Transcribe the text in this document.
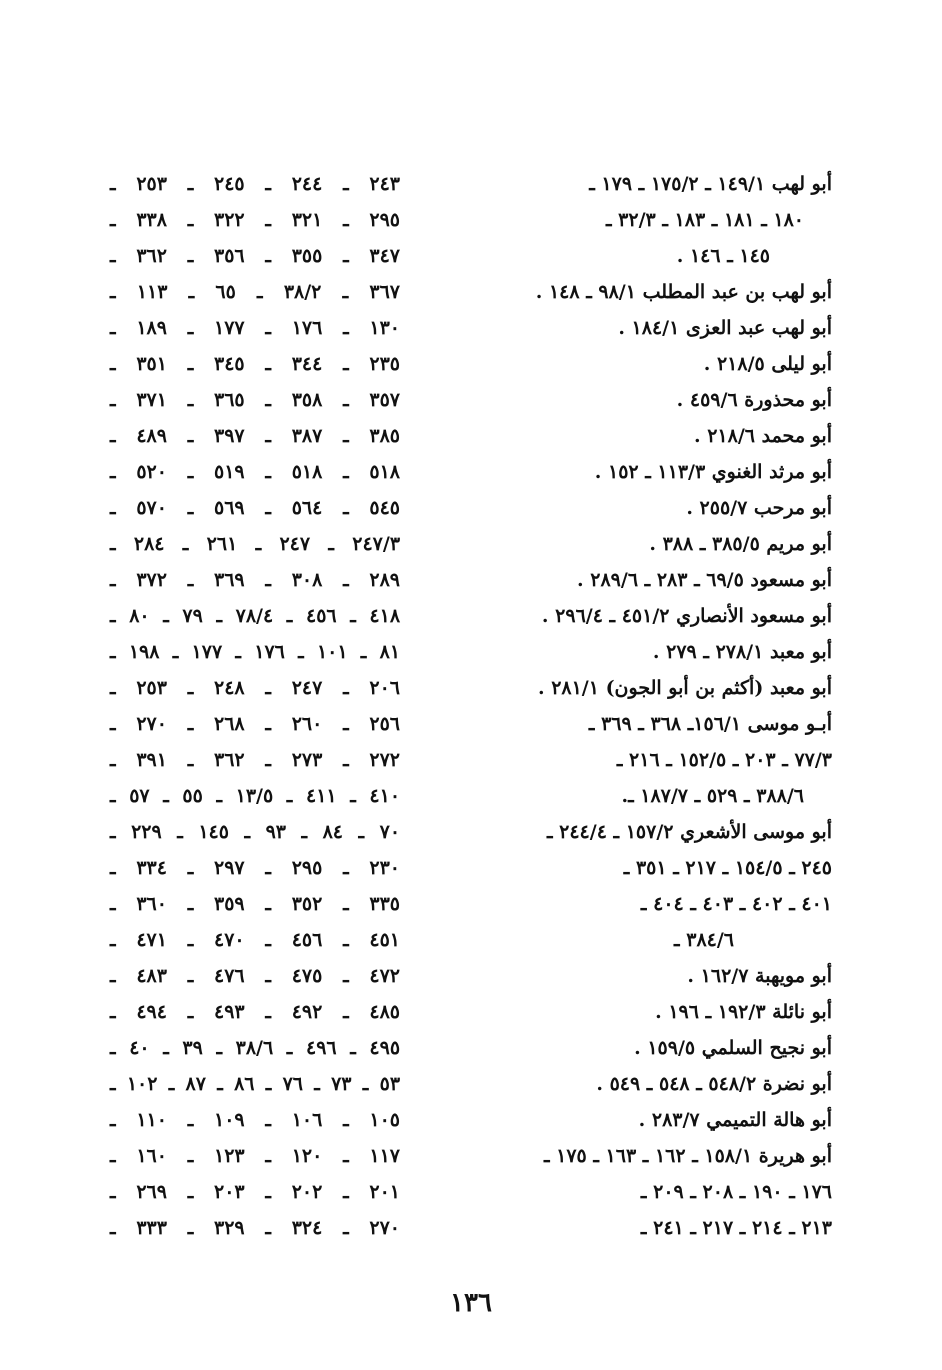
أبو لهب ١٤٩/١ ـ ١٧٥/٢ ـ ١٧٩ ـ
١٨٠ ـ ١٨١ ـ ١٨٣ ـ ٣٢/٣ ـ
١٤٥ ـ ١٤٦ .
أبو لهب بن عبد المطلب ٩٨/١ ـ ١٤٨ .
أبو لهب عبد العزى ١٨٤/١ .
أبو ليلى ٢١٨/٥ .
أبو محذورة ٤٥٩/٦ .
أبو محمد ٢١٨/٦ .
أبو مرثد الغنوي ١١٣/٣ ـ ١٥٢ .
أبو مرحب ٢٥٥/٧ .
أبو مريم ٣٨٥/٥ ـ ٣٨٨ .
أبو مسعود ٦٩/٥ ـ ٢٨٣ ـ ٢٨٩/٦ .
أبو مسعود الأنصاري ٤٥١/٢ ـ ٢٩٦/٤ .
أبو معبد ٢٧٨/١ ـ ٢٧٩ .
أبو معبد (أكثم بن أبو الجون) ٢٨١/١ .
أبـو موسى ١٥٦/١ـ ٣٦٨ ـ ٣٦٩ ـ
٧٧/٣ ـ ٢٠٣ ـ ١٥٢/٥ ـ ٢١٦ ـ
٣٨٨/٦ ـ ٥٢٩ ـ ١٨٧/٧ ـ.
أبو موسى الأشعري ١٥٧/٢ ـ ٢٤٤/٤ ـ
٢٤٥ ـ ١٥٤/٥ ـ ٢١٧ ـ ٣٥١ ـ
٤٠١ ـ ٤٠٢ ـ ٤٠٣ ـ ٤٠٤ ـ
٣٨٤/٦ ـ
أبو مويهبة ١٦٢/٧ .
أبو نائلة ١٩٢/٣ ـ ١٩٦ .
أبو نجيح السلمي ١٥٩/٥ .
أبو نضرة ٥٤٨/٢ ـ ٥٤٨ ـ ٥٤٩ .
أبو هالة التميمي ٢٨٣/٧ .
أبو هريرة ١٥٨/١ ـ ١٦٢ ـ ١٦٣ ـ ١٧٥ ـ
١٧٦ ـ ١٩٠ ـ ٢٠٨ ـ ٢٠٩ ـ
٢١٣ ـ ٢١٤ ـ ٢١٧ ـ ٢٤١ ـ
٢٤٣ ـ ٢٤٤ ـ ٢٤٥ ـ ٢٥٣ ـ
٢٩٥ ـ ٣٢١ ـ ٣٢٢ ـ ٣٣٨ ـ
٣٤٧ ـ ٣٥٥ ـ ٣٥٦ ـ ٣٦٢ ـ
٣٦٧ ـ ٣٨/٢ ـ ٦٥ ـ ١١٣ ـ
١٣٠ ـ ١٧٦ ـ ١٧٧ ـ ١٨٩ ـ
٢٣٥ ـ ٣٤٤ ـ ٣٤٥ ـ ٣٥١ ـ
٣٥٧ ـ ٣٥٨ ـ ٣٦٥ ـ ٣٧١ ـ
٣٨٥ ـ ٣٨٧ ـ ٣٩٧ ـ ٤٨٩ ـ
٥١٨ ـ ٥١٨ ـ ٥١٩ ـ ٥٢٠ ـ
٥٤٥ ـ ٥٦٤ ـ ٥٦٩ ـ ٥٧٠ ـ
٢٤٧/٣ ـ ٢٤٧ ـ ٢٦١ ـ ٢٨٤ ـ
٢٨٩ ـ ٣٠٨ ـ ٣٦٩ ـ ٣٧٢ ـ
٤١٨ ـ ٤٥٦ ـ ٧٨/٤ ـ ٧٩ ـ ٨٠ ـ
٨١ ـ ١٠١ ـ ١٧٦ ـ ١٧٧ ـ ١٩٨ ـ
٢٠٦ ـ ٢٤٧ ـ ٢٤٨ ـ ٢٥٣ ـ
٢٥٦ ـ ٢٦٠ ـ ٢٦٨ ـ ٢٧٠ ـ
٢٧٢ ـ ٢٧٣ ـ ٣٦٢ ـ ٣٩١ ـ
٤١٠ ـ ٤١١ ـ ١٣/٥ ـ ٥٥ ـ ٥٧ ـ
٧٠ ـ ٨٤ ـ ٩٣ ـ ١٤٥ ـ ٢٢٩ ـ
٢٣٠ ـ ٢٩٥ ـ ٢٩٧ ـ ٣٣٤ ـ
٣٣٥ ـ ٣٥٢ ـ ٣٥٩ ـ ٣٦٠ ـ
٤٥١ ـ ٤٥٦ ـ ٤٧٠ ـ ٤٧١ ـ
٤٧٢ ـ ٤٧٥ ـ ٤٧٦ ـ ٤٨٣ ـ
٤٨٥ ـ ٤٩٢ ـ ٤٩٣ ـ ٤٩٤ ـ
٤٩٥ ـ ٤٩٦ ـ ٣٨/٦ ـ ٣٩ ـ ٤٠ ـ
٥٣ ـ ٧٣ ـ ٧٦ ـ ٨٦ ـ ٨٧ ـ ١٠٢ ـ
١٠٥ ـ ١٠٦ ـ ١٠٩ ـ ١١٠ ـ
١١٧ ـ ١٢٠ ـ ١٢٣ ـ ١٦٠ ـ
٢٠١ ـ ٢٠٢ ـ ٢٠٣ ـ ٢٦٩ ـ
٢٧٠ ـ ٣٢٤ ـ ٣٢٩ ـ ٣٣٣ ـ
١٣٦
